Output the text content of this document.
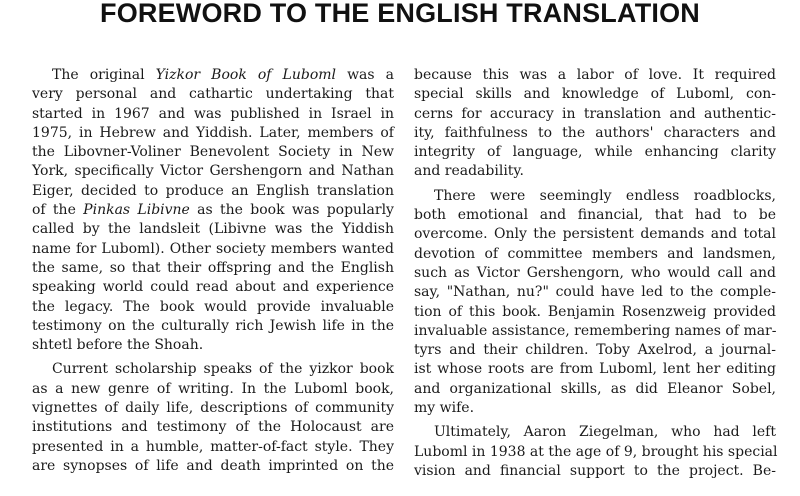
FOREWORD TO THE ENGLISH TRANSLATION
The original Yizkor Book of Luboml was a
very personal and cathartic undertaking that
started in 1967 and was published in Israel in
1975, in Hebrew and Yiddish. Later, members of
the Libovner-Voliner Benevolent Society in New
York, specifically Victor Gershengorn and Nathan
Eiger, decided to produce an English translation
of the Pinkas Libivne as the book was popularly
called by the landsleit (Libivne was the Yiddish
name for Luboml). Other society members wanted
the same, so that their offspring and the English
speaking world could read about and experience
the legacy. The book would provide invaluable
testimony on the culturally rich Jewish life in the
shtetl before the Shoah.
Current scholarship speaks of the yizkor book
as a new genre of writing. In the Luboml book,
vignettes of daily life, descriptions of community
institutions and testimony of the Holocaust are
presented in a humble, matter-of-fact style. They
are synopses of life and death imprinted on the
because this was a labor of love. It required
special skills and knowledge of Luboml, con-
cerns for accuracy in translation and authentic-
ity, faithfulness to the authors' characters and
integrity of language, while enhancing clarity
and readability.
There were seemingly endless roadblocks,
both emotional and financial, that had to be
overcome. Only the persistent demands and total
devotion of committee members and landsmen,
such as Victor Gershengorn, who would call and
say, "Nathan, nu?" could have led to the comple-
tion of this book. Benjamin Rosenzweig provided
invaluable assistance, remembering names of mar-
tyrs and their children. Toby Axelrod, a journal-
ist whose roots are from Luboml, lent her editing
and organizational skills, as did Eleanor Sobel,
my wife.
Ultimately, Aaron Ziegelman, who had left
Luboml in 1938 at the age of 9, brought his special
vision and financial support to the project. Be-
